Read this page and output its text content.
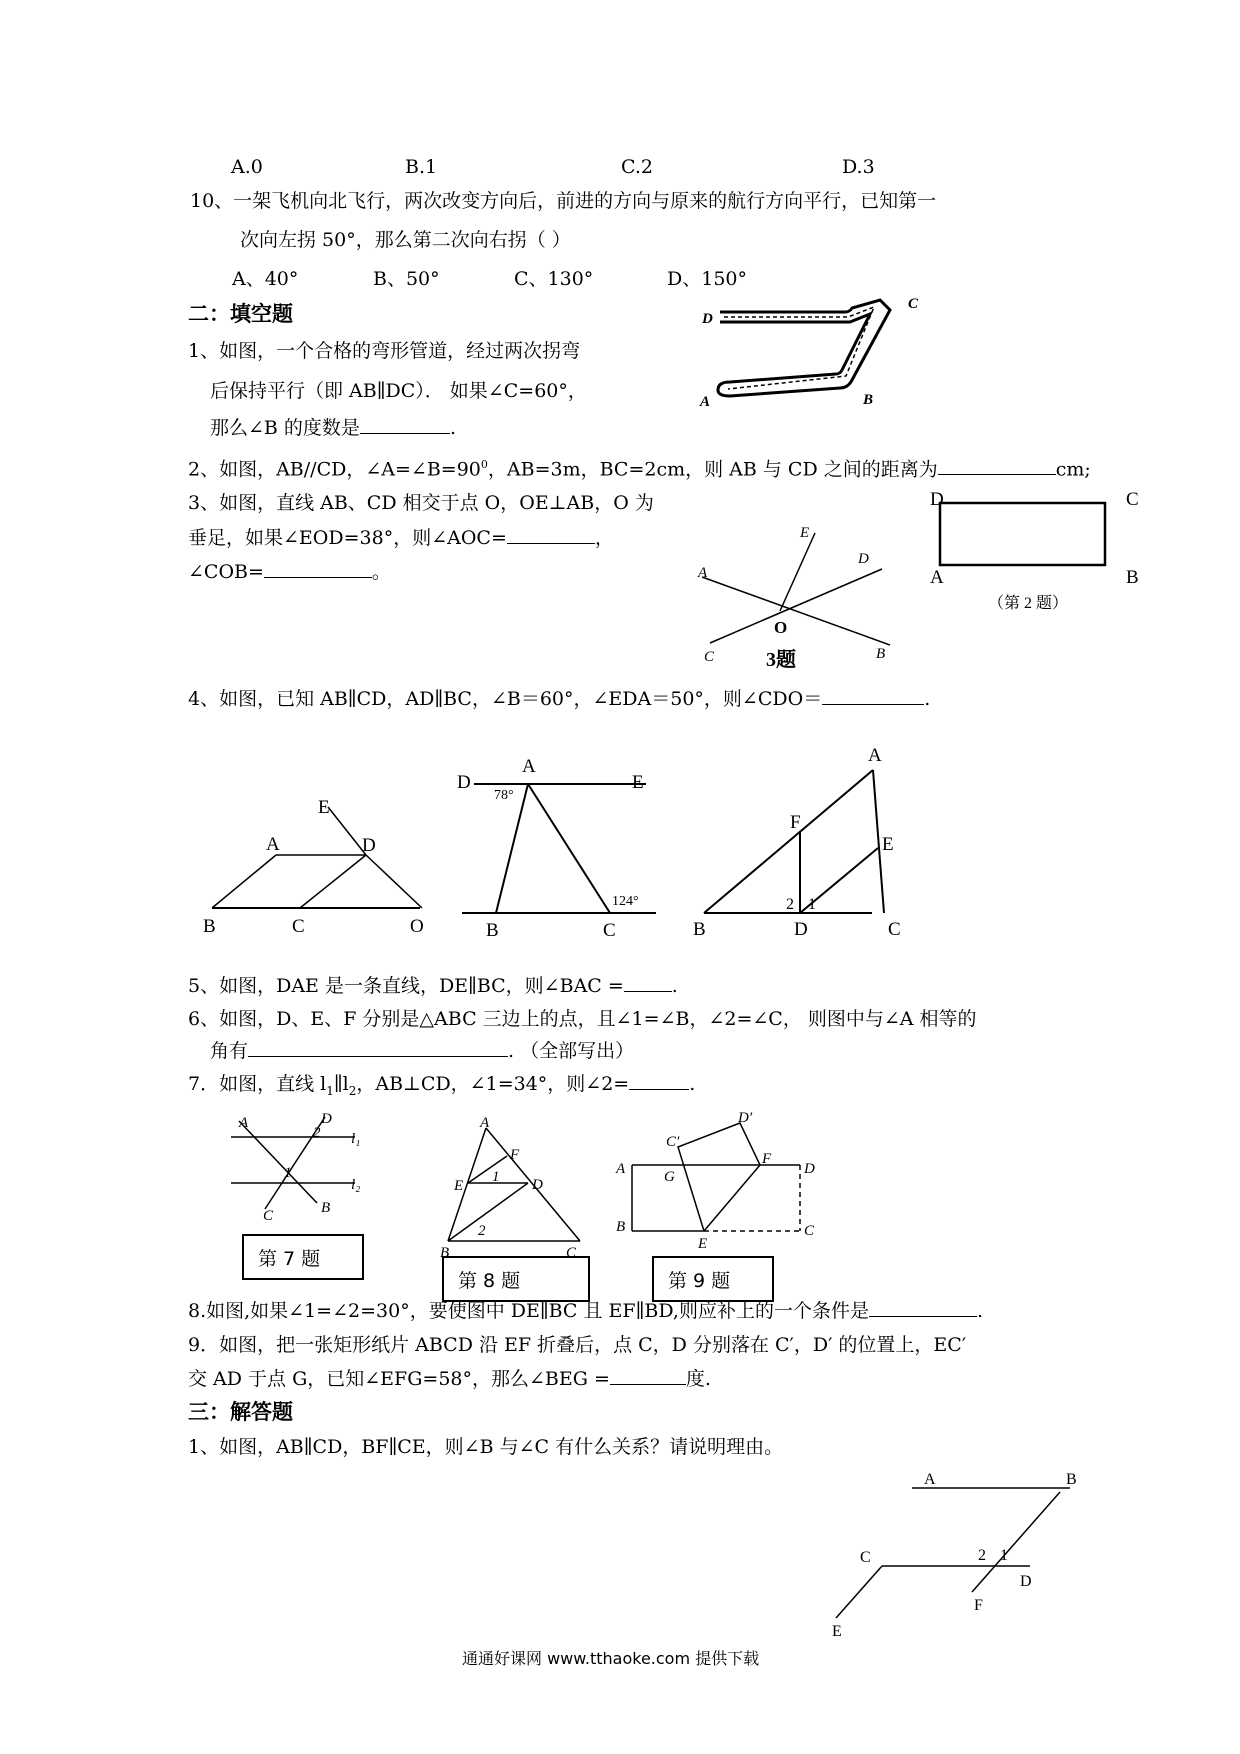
A.0	B.1	C.2	D.3
10、一架飞机向北飞行，两次改变方向后，前进的方向与原来的航行方向平行，已知第一
次向左拐 50°，那么第二次向右拐（ ）
A、40°	B、50°	C、130°	D、150°
二：填空题
1、如图，一个合格的弯形管道，经过两次拐弯
后保持平行（即 AB∥DC）． 如果∠C=60°，
那么∠B 的度数是	.
2、如图，AB//CD，$\angle A=\angle B=90^0$，AB=3m，BC=2cm，则 AB 与 CD 之间的距离为	cm;
3、如图，直线 AB、CD 相交于点 O，OE⊥AB，O 为
垂足，如果∠EOD=38°，则∠AOC=	，
∠COB=	。
4、如图，已知 AB∥CD，AD∥BC，∠B＝60°，∠EDA＝50°，则∠CDO＝	.
5、如图，DAE 是一条直线，DE∥BC，则∠BAC =	.
6、如图，D、E、F 分别是△ABC 三边上的点，且∠1=∠B，∠2=∠C， 则图中与∠A 相等的
角有	. （全部写出）
7．如图，直线 $l_1\parallel l_2$，AB⊥CD，∠1=34°，则∠2=	.
8.如图,如果∠1=∠2=30°，要使图中 DE∥BC 且 EF∥BD,则应补上的一个条件是	.
9．如图，把一张矩形纸片 ABCD 沿 EF 折叠后，点 C，D 分别落在 C′，D′ 的位置上，EC′
交 AD 于点 G，已知∠EFG=58°，那么∠BEG =	度.
三：解答题
1、如图，AB∥CD，BF∥CE，则∠B 与∠C 有什么关系？请说明理由。
D
C
A	B
D	C
A	B
（第 2 题）
A
E
D
C	B
O
3题
E
A	D
B	C	O
D
A
E
78°
124°
B	C
A
F
E
2 1
B	D	C
A	D
2
1
l₁
l₂
C	B
第 7 题
A
F
E	D
1
2
B	C
第 8 题
C′
D′
A	G
F
D
B
E
C
第 9 题
A	B
C	2 1
D
F
E
通通好课网 www.tthaoke.com 提供下载
